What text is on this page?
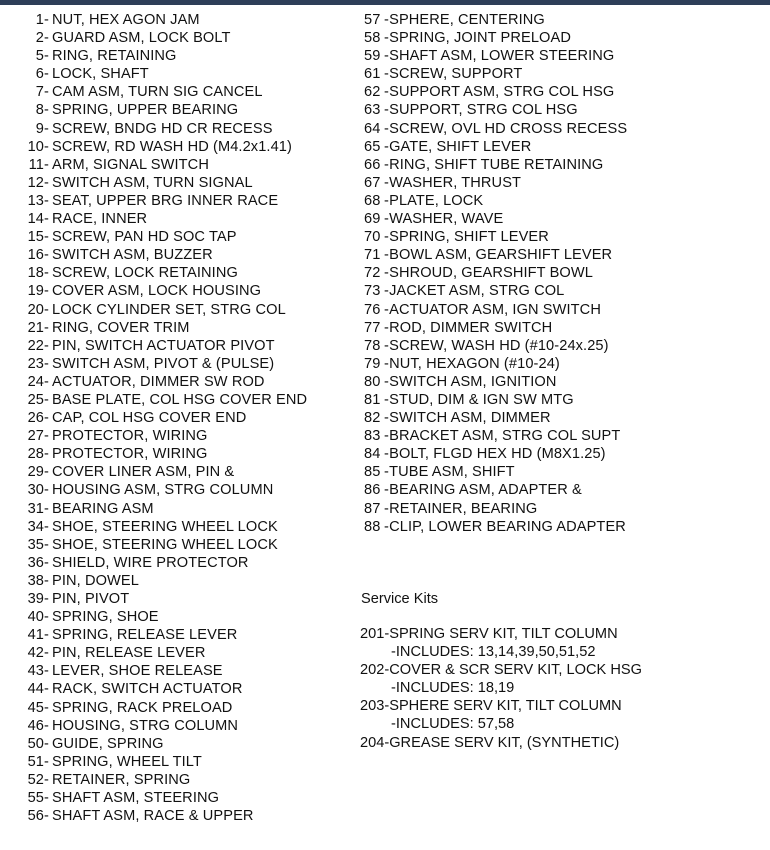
1 - NUT, HEX AGON JAM
2 - GUARD ASM, LOCK BOLT
5 - RING, RETAINING
6 - LOCK, SHAFT
7 - CAM ASM, TURN SIG CANCEL
8 - SPRING, UPPER BEARING
9 - SCREW, BNDG HD CR RECESS
10 - SCREW, RD WASH HD (M4.2x1.41)
11 - ARM, SIGNAL SWITCH
12 - SWITCH ASM, TURN SIGNAL
13 - SEAT, UPPER BRG INNER RACE
14 - RACE, INNER
15 - SCREW, PAN HD SOC TAP
16 - SWITCH ASM, BUZZER
18 - SCREW, LOCK RETAINING
19 - COVER ASM, LOCK HOUSING
20 - LOCK CYLINDER SET, STRG COL
21 - RING, COVER TRIM
22 - PIN, SWITCH ACTUATOR PIVOT
23 - SWITCH ASM, PIVOT & (PULSE)
24 - ACTUATOR, DIMMER SW ROD
25 - BASE PLATE, COL HSG COVER END
26 - CAP, COL HSG COVER END
27 - PROTECTOR, WIRING
28 - PROTECTOR, WIRING
29 - COVER LINER ASM, PIN &
30 - HOUSING ASM, STRG COLUMN
31 - BEARING ASM
34 - SHOE, STEERING WHEEL LOCK
35 - SHOE, STEERING WHEEL LOCK
36 - SHIELD, WIRE PROTECTOR
38 - PIN, DOWEL
39 - PIN, PIVOT
40 - SPRING, SHOE
41 - SPRING, RELEASE LEVER
42 - PIN, RELEASE LEVER
43 - LEVER, SHOE RELEASE
44 - RACK, SWITCH ACTUATOR
45 - SPRING, RACK PRELOAD
46 - HOUSING, STRG COLUMN
50 - GUIDE, SPRING
51 - SPRING, WHEEL TILT
52 - RETAINER, SPRING
55 - SHAFT ASM, STEERING
56 - SHAFT ASM, RACE & UPPER
57 - SPHERE, CENTERING
58 - SPRING, JOINT PRELOAD
59 - SHAFT ASM, LOWER STEERING
61 - SCREW, SUPPORT
62 - SUPPORT ASM, STRG COL HSG
63 - SUPPORT, STRG COL HSG
64 - SCREW, OVL HD CROSS RECESS
65 - GATE, SHIFT LEVER
66 - RING, SHIFT TUBE RETAINING
67 - WASHER, THRUST
68 - PLATE, LOCK
69 - WASHER, WAVE
70 - SPRING, SHIFT LEVER
71 - BOWL ASM, GEARSHIFT LEVER
72 - SHROUD, GEARSHIFT BOWL
73 - JACKET ASM, STRG COL
76 - ACTUATOR ASM, IGN SWITCH
77 - ROD, DIMMER SWITCH
78 - SCREW, WASH HD (#10-24x.25)
79 - NUT, HEXAGON (#10-24)
80 - SWITCH ASM, IGNITION
81 - STUD, DIM & IGN SW MTG
82 - SWITCH ASM, DIMMER
83 - BRACKET ASM, STRG COL SUPT
84 - BOLT, FLGD HEX HD (M8X1.25)
85 - TUBE ASM, SHIFT
86 - BEARING ASM, ADAPTER &
87 - RETAINER, BEARING
88 - CLIP, LOWER BEARING ADAPTER
Service Kits
201-SPRING SERV KIT, TILT COLUMN
-INCLUDES: 13,14,39,50,51,52
202-COVER & SCR SERV KIT, LOCK HSG
-INCLUDES: 18,19
203-SPHERE SERV KIT, TILT COLUMN
-INCLUDES: 57,58
204-GREASE SERV KIT, (SYNTHETIC)
